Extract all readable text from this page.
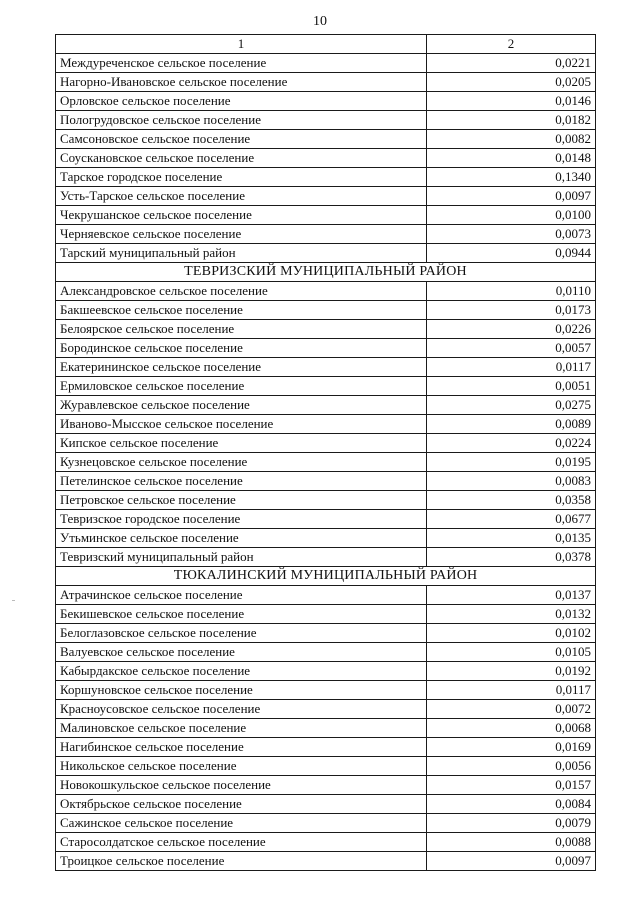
10
1	2
Междуреченское сельское поселение	0,0221
Нагорно-Ивановское сельское поселение	0,0205
Орловское сельское поселение	0,0146
Пологрудовское сельское поселение	0,0182
Самсоновское сельское поселение	0,0082
Соускановское сельское поселение	0,0148
Тарское городское поселение	0,1340
Усть-Тарское сельское поселение	0,0097
Чекрушанское сельское поселение	0,0100
Черняевское сельское поселение	0,0073
Тарский муниципальный район	0,0944
ТЕВРИЗСКИЙ МУНИЦИПАЛЬНЫЙ РАЙОН	
Александровское сельское поселение	0,0110
Бакшеевское сельское поселение	0,0173
Белоярское сельское поселение	0,0226
Бородинское сельское поселение	0,0057
Екатерининское сельское поселение	0,0117
Ермиловское сельское поселение	0,0051
Журавлевское сельское поселение	0,0275
Иваново-Мысское сельское поселение	0,0089
Кипское сельское поселение	0,0224
Кузнецовское сельское поселение	0,0195
Петелинское сельское поселение	0,0083
Петровское сельское поселение	0,0358
Тевризское городское поселение	0,0677
Утьминское сельское поселение	0,0135
Тевризский муниципальный район	0,0378
ТЮКАЛИНСКИЙ МУНИЦИПАЛЬНЫЙ РАЙОН	
Атрачинское сельское поселение	0,0137
Бекишевское сельское поселение	0,0132
Белоглазовское сельское поселение	0,0102
Валуевское сельское поселение	0,0105
Кабырдакское сельское поселение	0,0192
Коршуновское сельское поселение	0,0117
Красноусовское сельское поселение	0,0072
Малиновское сельское поселение	0,0068
Нагибинское сельское поселение	0,0169
Никольское сельское поселение	0,0056
Новокошкульское сельское поселение	0,0157
Октябрьское сельское поселение	0,0084
Сажинское сельское поселение	0,0079
Старосолдатское сельское поселение	0,0088
Троицкое сельское поселение	0,0097
